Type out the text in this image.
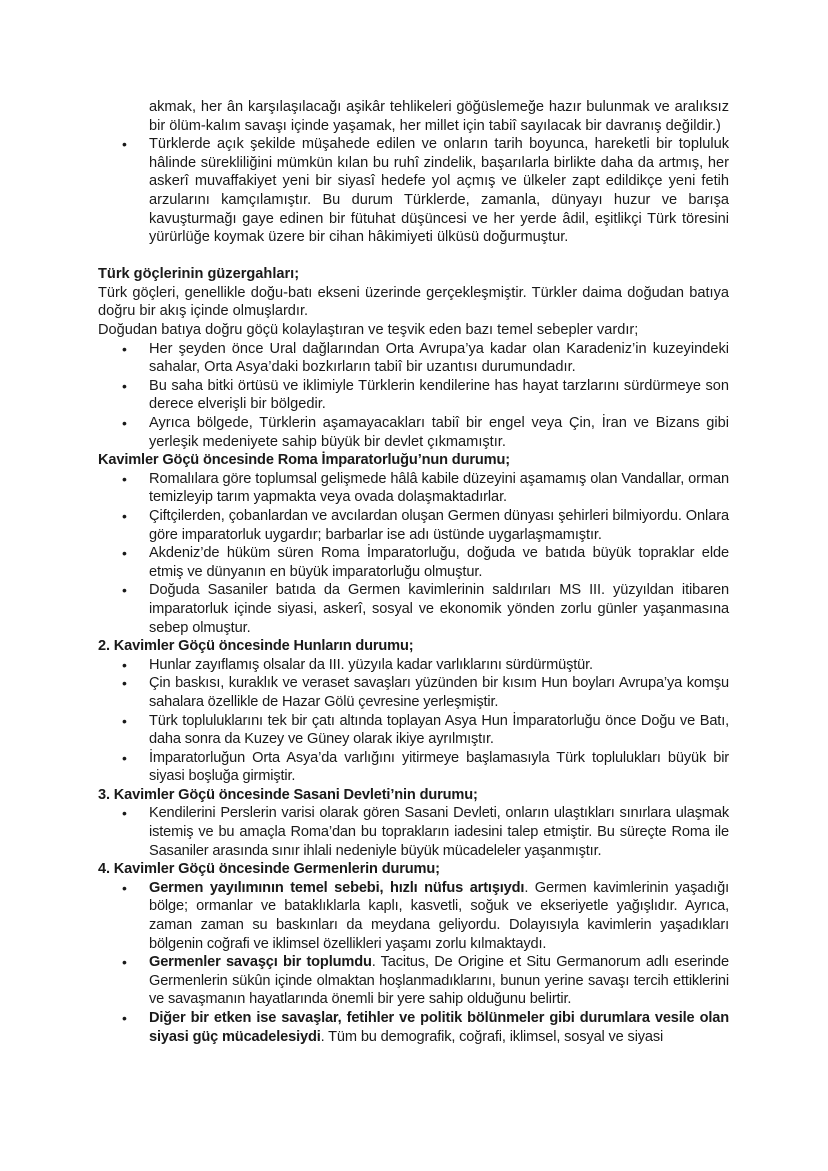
akmak, her ân karşılaşılacağı aşikâr tehlikeleri göğüslemeğe hazır bulunmak ve aralıksız bir ölüm-kalım savaşı içinde yaşamak, her millet için tabiî sayılacak bir davranış değildir.)

• Türklerde açık şekilde müşahede edilen ve onların tarih boyunca, hareketli bir topluluk hâlinde sürekliliğini mümkün kılan bu ruhî zindelik, başarılarla birlikte daha da artmış, her askerî muvaffakiyet yeni bir siyasî hedefe yol açmış ve ülkeler zapt edildikçe yeni fetih arzularını kamçılamıştır. Bu durum Türklerde, zamanla, dünyayı huzur ve barışa kavuşturmağı gaye edinen bir fütuhat düşüncesi ve her yerde âdil, eşitlikçi Türk töresini yürürlüğe koymak üzere bir cihan hâkimiyeti ülküsü doğurmuştur.
Türk göçlerinin güzergahları;

Türk göçleri, genellikle doğu-batı ekseni üzerinde gerçekleşmiştir. Türkler daima doğudan batıya doğru bir akış içinde olmuşlardır.

Doğudan batıya doğru göçü kolaylaştıran ve teşvik eden bazı temel sebepler vardır;

• Her şeyden önce Ural dağlarından Orta Avrupa’ya kadar olan Karadeniz’in kuzeyindeki sahalar, Orta Asya’daki bozkırların tabiî bir uzantısı durumundadır.
• Bu saha bitki örtüsü ve iklimiyle Türklerin kendilerine has hayat tarzlarını sürdürmeye son derece elverişli bir bölgedir.
• Ayrıca bölgede, Türklerin aşamayacakları tabiî bir engel veya Çin, İran ve Bizans gibi yerleşik medeniyete sahip büyük bir devlet çıkmamıştır.
Kavimler Göçü öncesinde Roma İmparatorluğu’nun durumu;
• Romalılara göre toplumsal gelişmede hâlâ kabile düzeyini aşamamış olan Vandallar, orman temizleyip tarım yapmakta veya ovada dolaşmaktadırlar.
• Çiftçilerden, çobanlardan ve avcılardan oluşan Germen dünyası şehirleri bilmiyordu. Onlara göre imparatorluk uygardır; barbarlar ise adı üstünde uygarlaşmamıştır.
• Akdeniz’de hüküm süren Roma İmparatorluğu, doğuda ve batıda büyük topraklar elde etmiş ve dünyanın en büyük imparatorluğu olmuştur.
• Doğuda Sasaniler batıda da Germen kavimlerinin saldırıları MS III. yüzyıldan itibaren imparatorluk içinde siyasi, askerî, sosyal ve ekonomik yönden zorlu günler yaşanmasına sebep olmuştur.
2. Kavimler Göçü öncesinde Hunların durumu;
• Hunlar zayıflamış olsalar da III. yüzyıla kadar varlıklarını sürdürmüştür.
• Çin baskısı, kuraklık ve veraset savaşları yüzünden bir kısım Hun boyları Avrupa’ya komşu sahalara özellikle de Hazar Gölü çevresine yerleşmiştir.
• Türk topluluklarını tek bir çatı altında toplayan Asya Hun İmparatorluğu önce Doğu ve Batı, daha sonra da Kuzey ve Güney olarak ikiye ayrılmıştır.
• İmparatorluğun Orta Asya’da varlığını yitirmeye başlamasıyla Türk toplulukları büyük bir siyasi boşluğa girmiştir.
3. Kavimler Göçü öncesinde Sasani Devleti’nin durumu;
• Kendilerini Perslerin varisi olarak gören Sasani Devleti, onların ulaştıkları sınırlara ulaşmak istemiş ve bu amaçla Roma’dan bu toprakların iadesini talep etmiştir. Bu süreçte Roma ile Sasaniler arasında sınır ihlali nedeniyle büyük mücadeleler yaşanmıştır.
4. Kavimler Göçü öncesinde Germenlerin durumu;
• Germen yayılımının temel sebebi, hızlı nüfus artışıydı. Germen kavimlerinin yaşadığı bölge; ormanlar ve bataklıklarla kaplı, kasvetli, soğuk ve ekseriyetle yağışlıdır. Ayrıca, zaman zaman su baskınları da meydana geliyordu. Dolayısıyla kavimlerin yaşadıkları bölgenin coğrafi ve iklimsel özellikleri yaşamı zorlu kılmaktaydı.
• Germenler savaşçı bir toplumdu. Tacitus, De Origine et Situ Germanorum adlı eserinde Germenlerin sükûn içinde olmaktan hoşlanmadıklarını, bunun yerine savaşı tercih ettiklerini ve savaşmanın hayatlarında önemli bir yere sahip olduğunu belirtir.
• Diğer bir etken ise savaşlar, fetihler ve politik bölünmeler gibi durumlara vesile olan siyasi güç mücadelesiydi. Tüm bu demografik, coğrafi, iklimsel, sosyal ve siyasi
